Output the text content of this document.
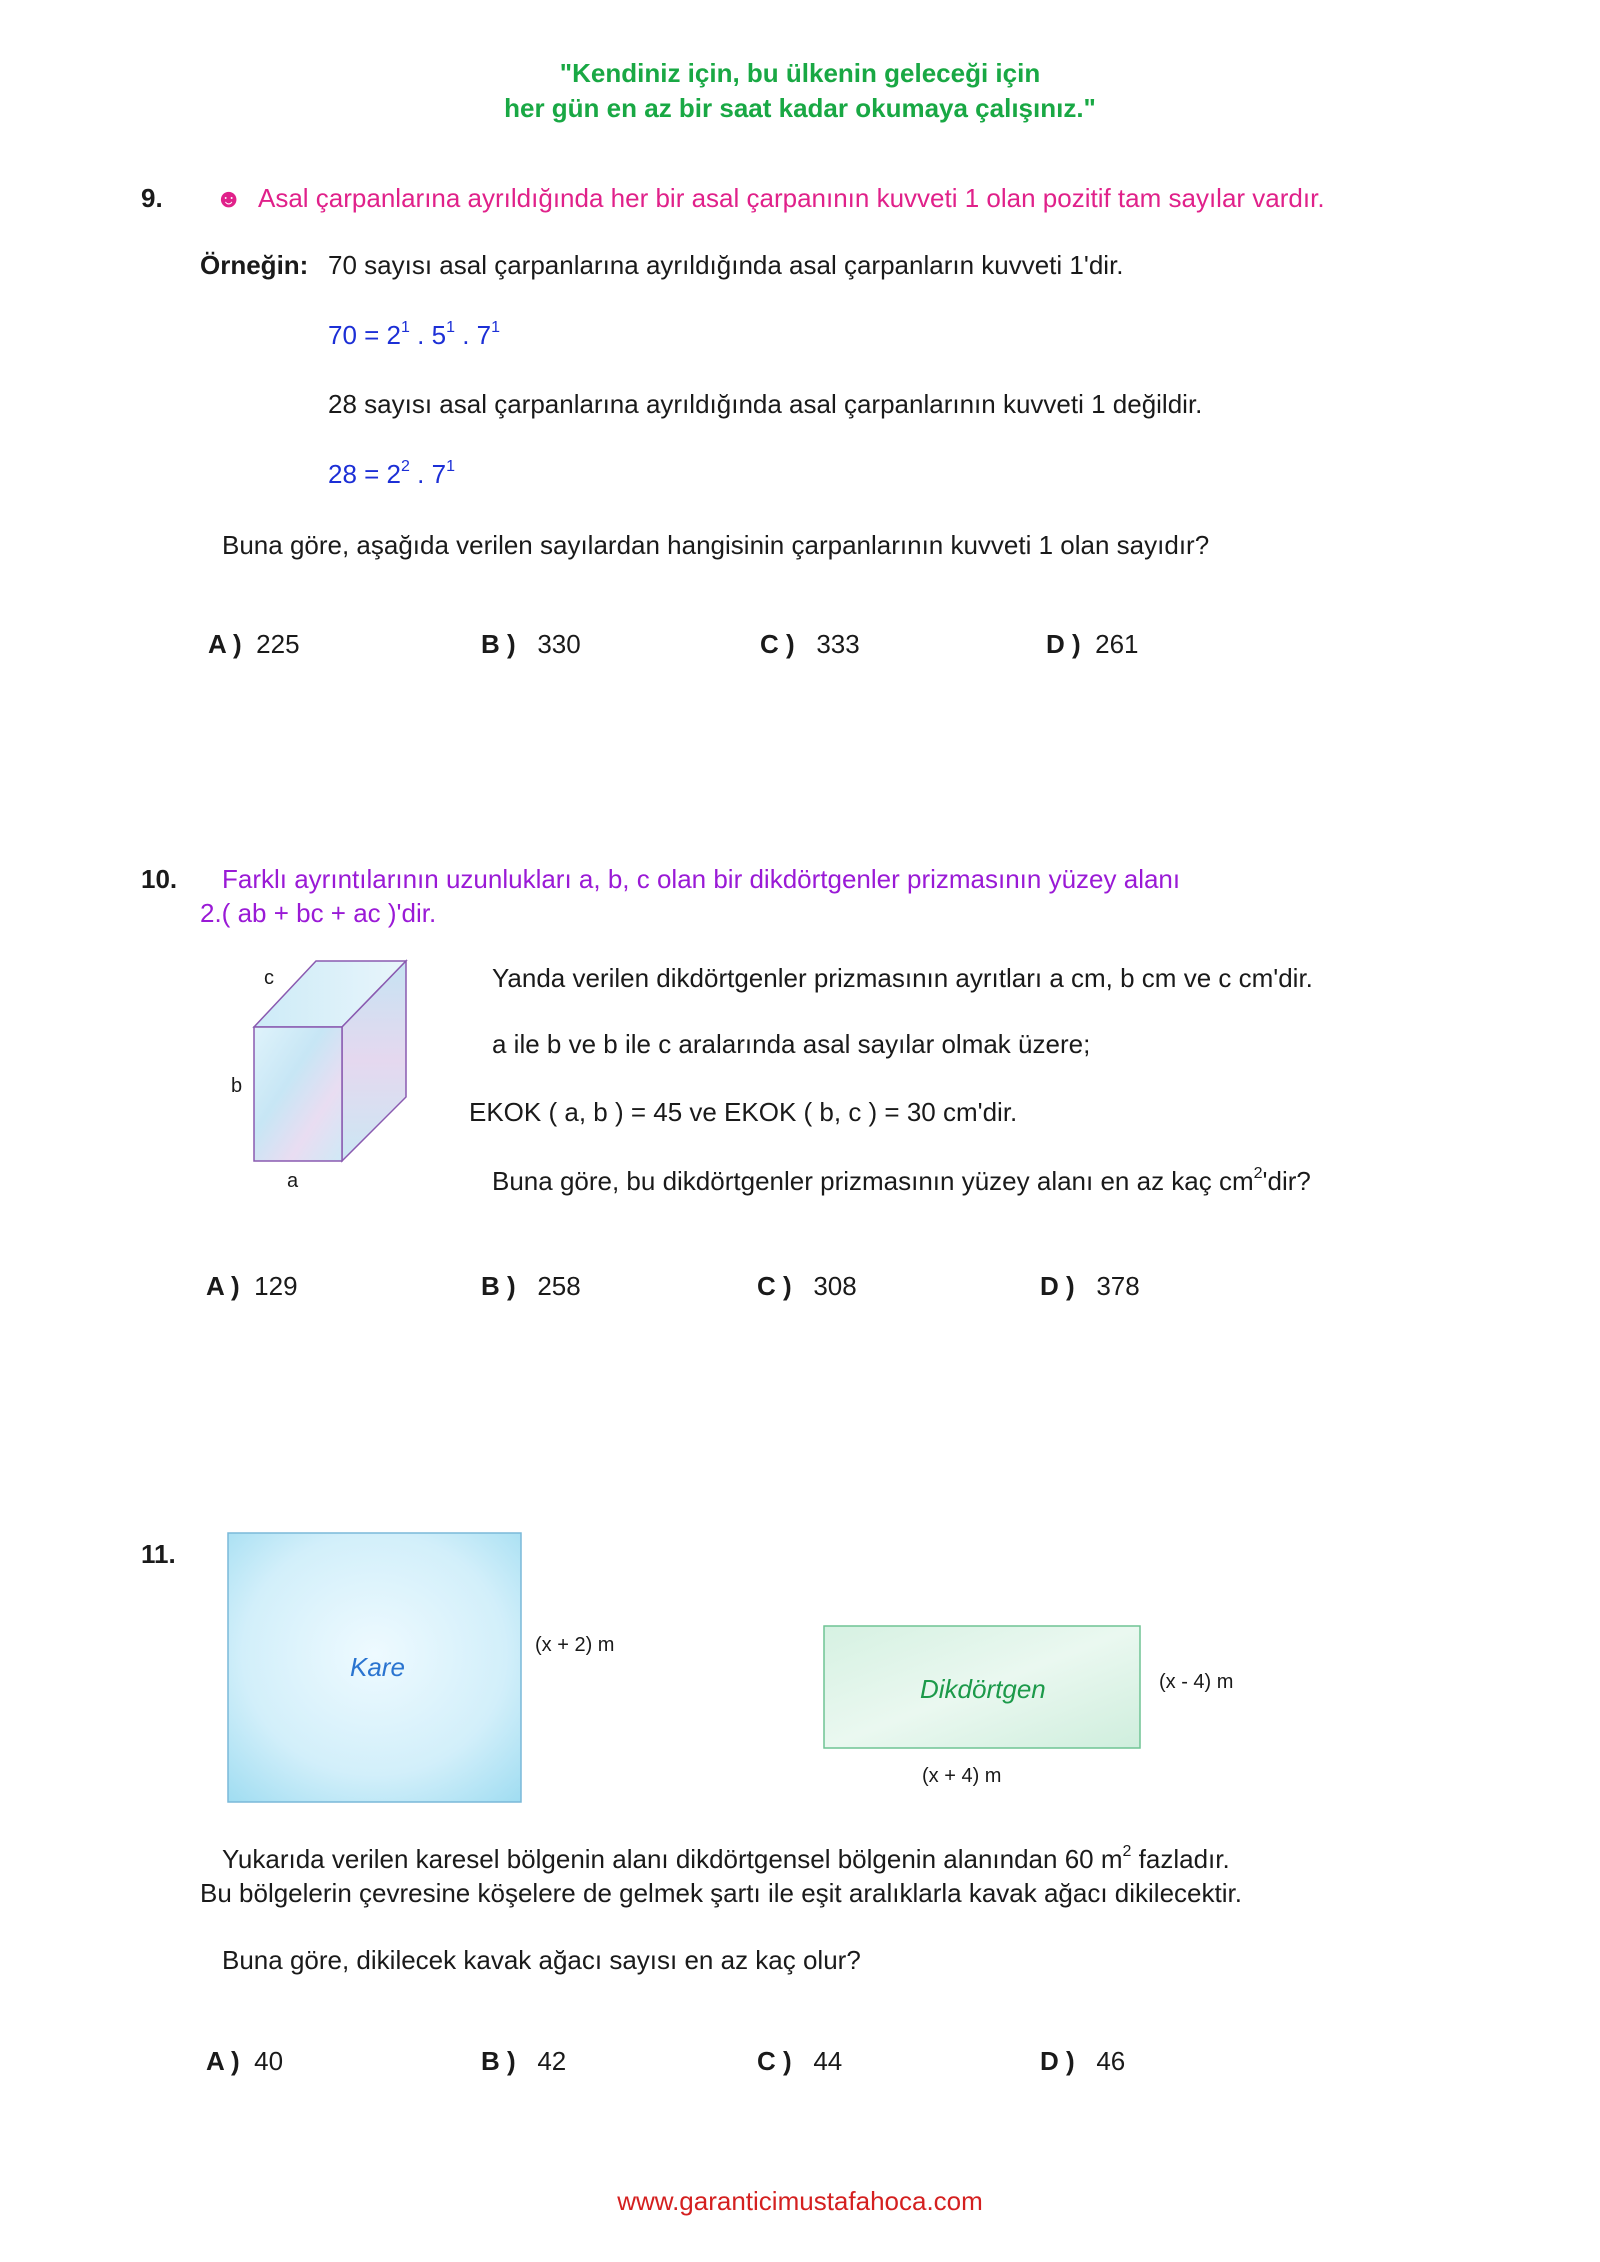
"Kendiniz için, bu ülkenin geleceği için
her gün en az bir saat kadar okumaya çalışınız."
9. ☻ Asal çarpanlarına ayrıldığında her bir asal çarpanının kuvveti 1 olan pozitif tam sayılar vardır.
Örneğin: 70 sayısı asal çarpanlarına ayrıldığında asal çarpanların kuvveti 1'dir.
$70 = 2^1$ . $5^1$ . $7^1$
28 sayısı asal çarpanlarına ayrıldığında asal çarpanlarının kuvveti 1 değildir.
$28 = 2^2$ . $7^1$
Buna göre, aşağıda verilen sayılardan hangisinin çarpanlarının kuvveti 1 olan sayıdır?
A ) 225	B ) 330	C ) 333	D ) 261
10. Farklı ayrıntılarının uzunlukları a, b, c olan bir dikdörtgenler prizmasının yüzey alanı
2.( ab + bc + ac )'dir.
c
b
a
Yanda verilen dikdörtgenler prizmasının ayrıtları a cm, b cm ve c cm'dir.
a ile b ve b ile c aralarında asal sayılar olmak üzere;
EKOK ( a, b ) = 45 ve EKOK ( b, c ) = 30 cm'dir.
Buna göre, bu dikdörtgenler prizmasının yüzey alanı en az kaç $cm^2'dir$?
A ) 129	B ) 258	C ) 308	D ) 378
11.
Kare
(x + 2) m
Dikdörtgen	(x - 4) m
(x + 4) m
Yukarıda verilen karesel bölgenin alanı dikdörtgensel bölgenin alanından 60 $m^2$ fazladır.
Bu bölgelerin çevresine köşelere de gelmek şartı ile eşit aralıklarla kavak ağacı dikilecektir.
Buna göre, dikilecek kavak ağacı sayısı en az kaç olur?
A ) 40	B ) 42	C ) 44	D ) 46
www.garanticimustafahoca.com
